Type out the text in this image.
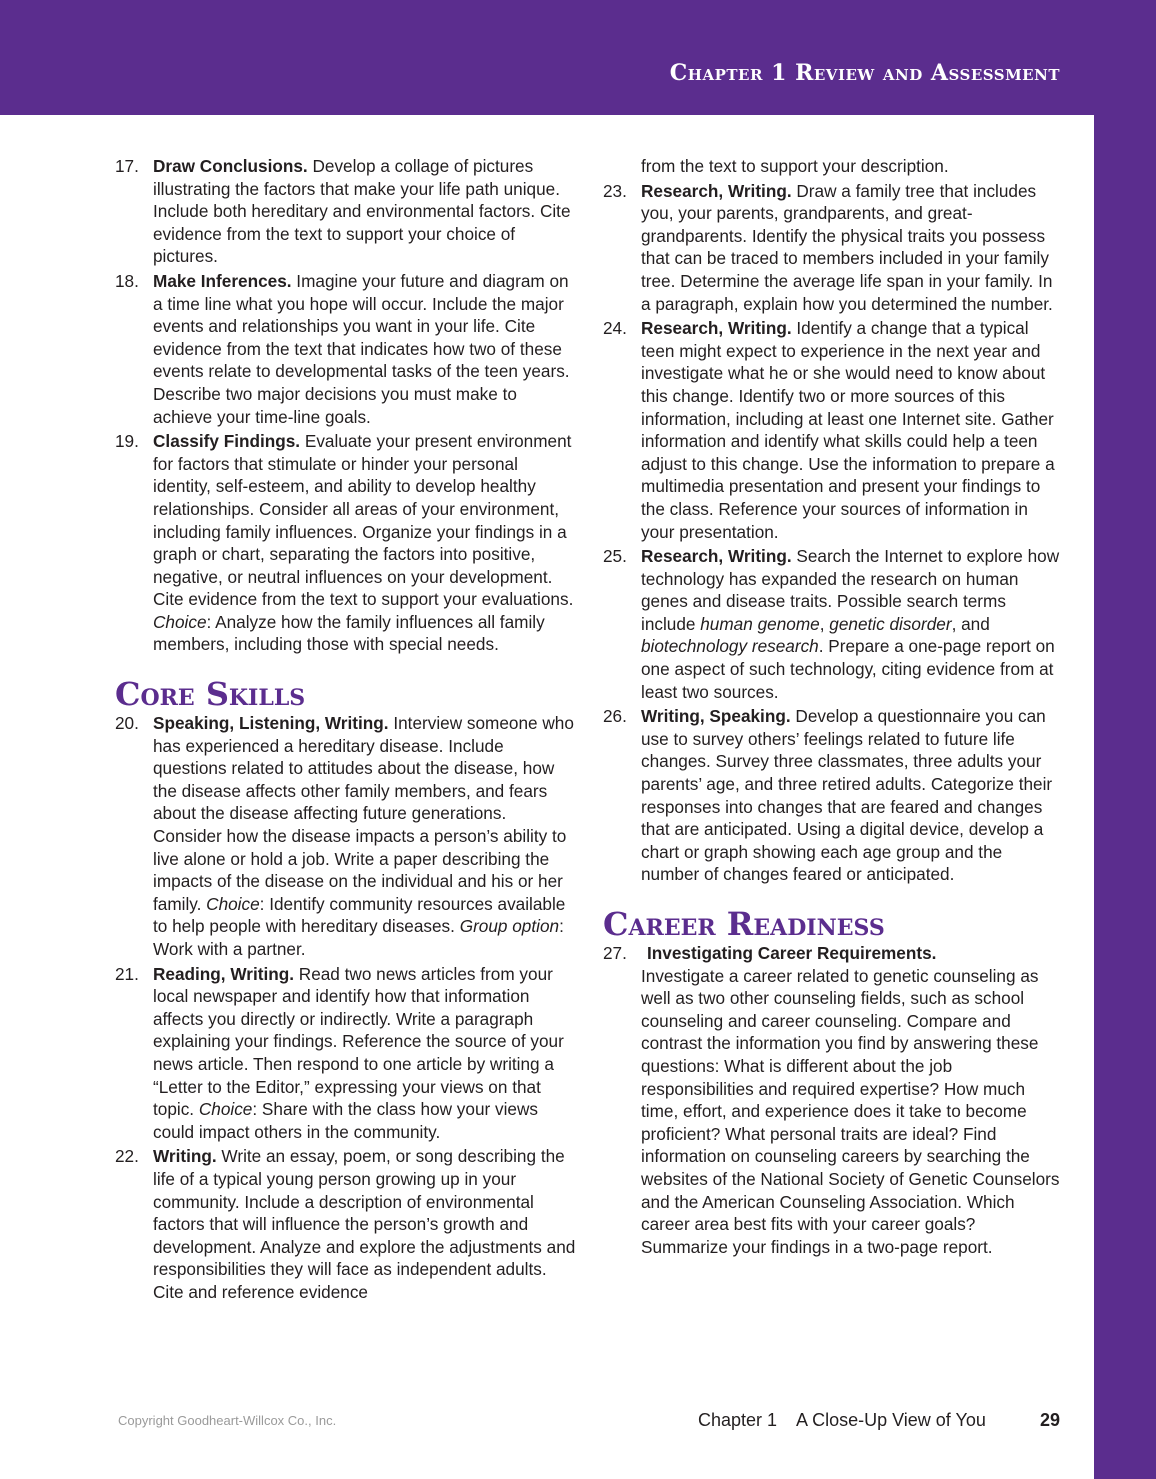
Chapter 1 Review and Assessment
17. Draw Conclusions. Develop a collage of pictures illustrating the factors that make your life path unique. Include both hereditary and environmental factors. Cite evidence from the text to support your choice of pictures.
18. Make Inferences. Imagine your future and diagram on a time line what you hope will occur. Include the major events and relationships you want in your life. Cite evidence from the text that indicates how two of these events relate to developmental tasks of the teen years. Describe two major decisions you must make to achieve your time-line goals.
19. Classify Findings. Evaluate your present environment for factors that stimulate or hinder your personal identity, self-esteem, and ability to develop healthy relationships. Consider all areas of your environment, including family influences. Organize your findings in a graph or chart, separating the factors into positive, negative, or neutral influences on your development. Cite evidence from the text to support your evaluations. Choice: Analyze how the family influences all family members, including those with special needs.
Core Skills
20. Speaking, Listening, Writing. Interview someone who has experienced a hereditary disease. Include questions related to attitudes about the disease, how the disease affects other family members, and fears about the disease affecting future generations. Consider how the disease impacts a person’s ability to live alone or hold a job. Write a paper describing the impacts of the disease on the individual and his or her family. Choice: Identify community resources available to help people with hereditary diseases. Group option: Work with a partner.
21. Reading, Writing. Read two news articles from your local newspaper and identify how that information affects you directly or indirectly. Write a paragraph explaining your findings. Reference the source of your news article. Then respond to one article by writing a “Letter to the Editor,” expressing your views on that topic. Choice: Share with the class how your views could impact others in the community.
22. Writing. Write an essay, poem, or song describing the life of a typical young person growing up in your community. Include a description of environmental factors that will influence the person’s growth and development. Analyze and explore the adjustments and responsibilities they will face as independent adults. Cite and reference evidence
from the text to support your description.
23. Research, Writing. Draw a family tree that includes you, your parents, grandparents, and great-grandparents. Identify the physical traits you possess that can be traced to members included in your family tree. Determine the average life span in your family. In a paragraph, explain how you determined the number.
24. Research, Writing. Identify a change that a typical teen might expect to experience in the next year and investigate what he or she would need to know about this change. Identify two or more sources of this information, including at least one Internet site. Gather information and identify what skills could help a teen adjust to this change. Use the information to prepare a multimedia presentation and present your findings to the class. Reference your sources of information in your presentation.
25. Research, Writing. Search the Internet to explore how technology has expanded the research on human genes and disease traits. Possible search terms include human genome, genetic disorder, and biotechnology research. Prepare a one-page report on one aspect of such technology, citing evidence from at least two sources.
26. Writing, Speaking. Develop a questionnaire you can use to survey others’ feelings related to future life changes. Survey three classmates, three adults your parents’ age, and three retired adults. Categorize their responses into changes that are feared and changes that are anticipated. Using a digital device, develop a chart or graph showing each age group and the number of changes feared or anticipated.
Career Readiness
27. Investigating Career Requirements.
Investigate a career related to genetic counseling as well as two other counseling fields, such as school counseling and career counseling. Compare and contrast the information you find by answering these questions: What is different about the job responsibilities and required expertise? How much time, effort, and experience does it take to become proficient? What personal traits are ideal? Find information on counseling careers by searching the websites of the National Society of Genetic Counselors and the American Counseling Association. Which career area best fits with your career goals? Summarize your findings in a two-page report.
Copyright Goodheart-Willcox Co., Inc.	Chapter 1    A Close-Up View of You	29
